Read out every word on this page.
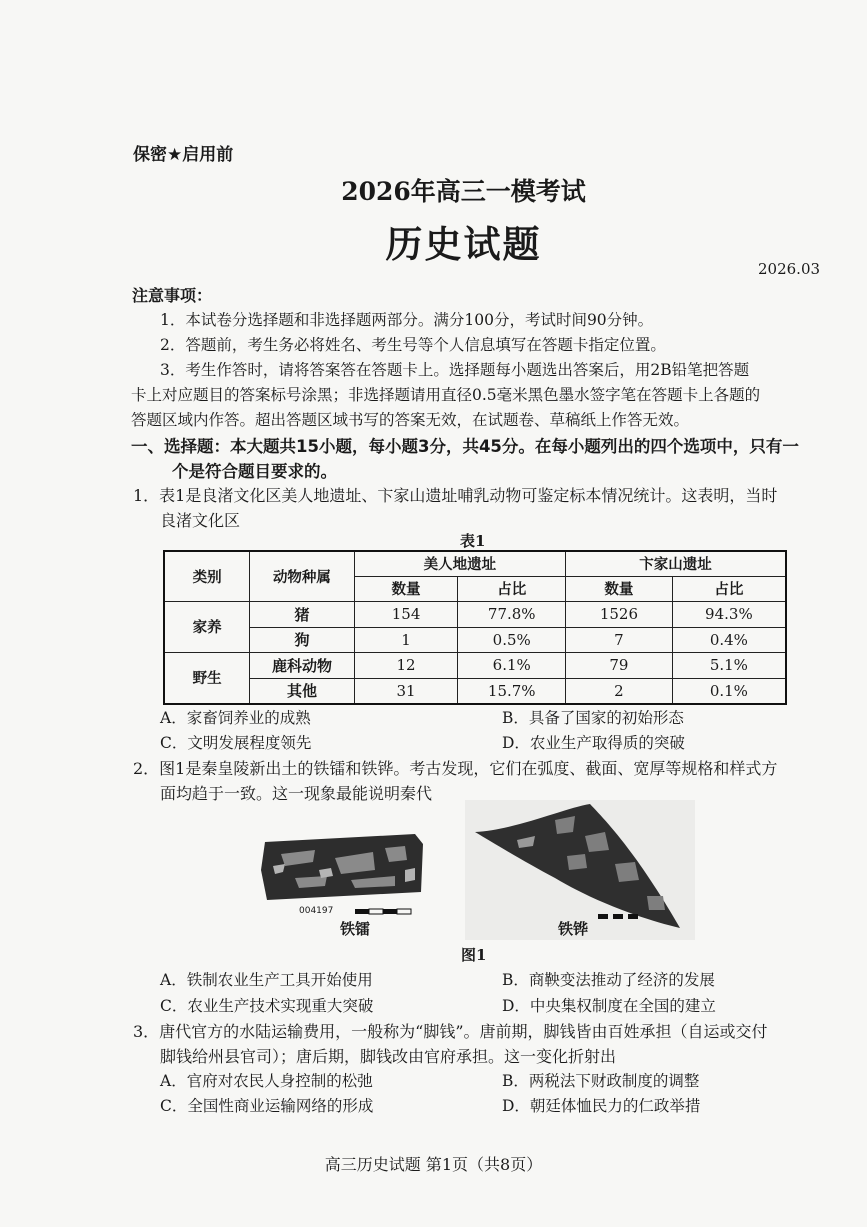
保密★启用前
2026年高三一模考试
历史试题
2026.03
注意事项：
1．本试卷分选择题和非选择题两部分。满分100分，考试时间90分钟。
2．答题前，考生务必将姓名、考生号等个人信息填写在答题卡指定位置。
3．考生作答时，请将答案答在答题卡上。选择题每小题选出答案后，用2B铅笔把答题
卡上对应题目的答案标号涂黑；非选择题请用直径0.5毫米黑色墨水签字笔在答题卡上各题的
答题区域内作答。超出答题区域书写的答案无效，在试题卷、草稿纸上作答无效。
一、选择题：本大题共15小题，每小题3分，共45分。在每小题列出的四个选项中，只有一
个是符合题目要求的。
1．表1是良渚文化区美人地遗址、卞家山遗址哺乳动物可鉴定标本情况统计。这表明，当时
良渚文化区
表1
类别	动物种属	美人地遗址		卞家山遗址	
		数量	占比	数量	占比
家养	猪	154	77.8%	1526	94.3%
	狗	1	0.5%	7	0.4%
野生	鹿科动物	12	6.1%	79	5.1%
	其他	31	15.7%	2	0.1%
A．家畜饲养业的成熟	B．具备了国家的初始形态
C．文明发展程度领先	D．农业生产取得质的突破
2．图1是秦皇陵新出土的铁镭和铁铧。考古发现，它们在弧度、截面、宽厚等规格和样式方
面均趋于一致。这一现象最能说明秦代
004197
铁镭	铁铧
图1
A．铁制农业生产工具开始使用	B．商鞅变法推动了经济的发展
C．农业生产技术实现重大突破	D．中央集权制度在全国的建立
3．唐代官方的水陆运输费用，一般称为“脚钱”。唐前期，脚钱皆由百姓承担（自运或交付
脚钱给州县官司）；唐后期，脚钱改由官府承担。这一变化折射出
A．官府对农民人身控制的松弛	B．两税法下财政制度的调整
C．全国性商业运输网络的形成	D．朝廷体恤民力的仁政举措
高三历史试题 第1页（共8页）
